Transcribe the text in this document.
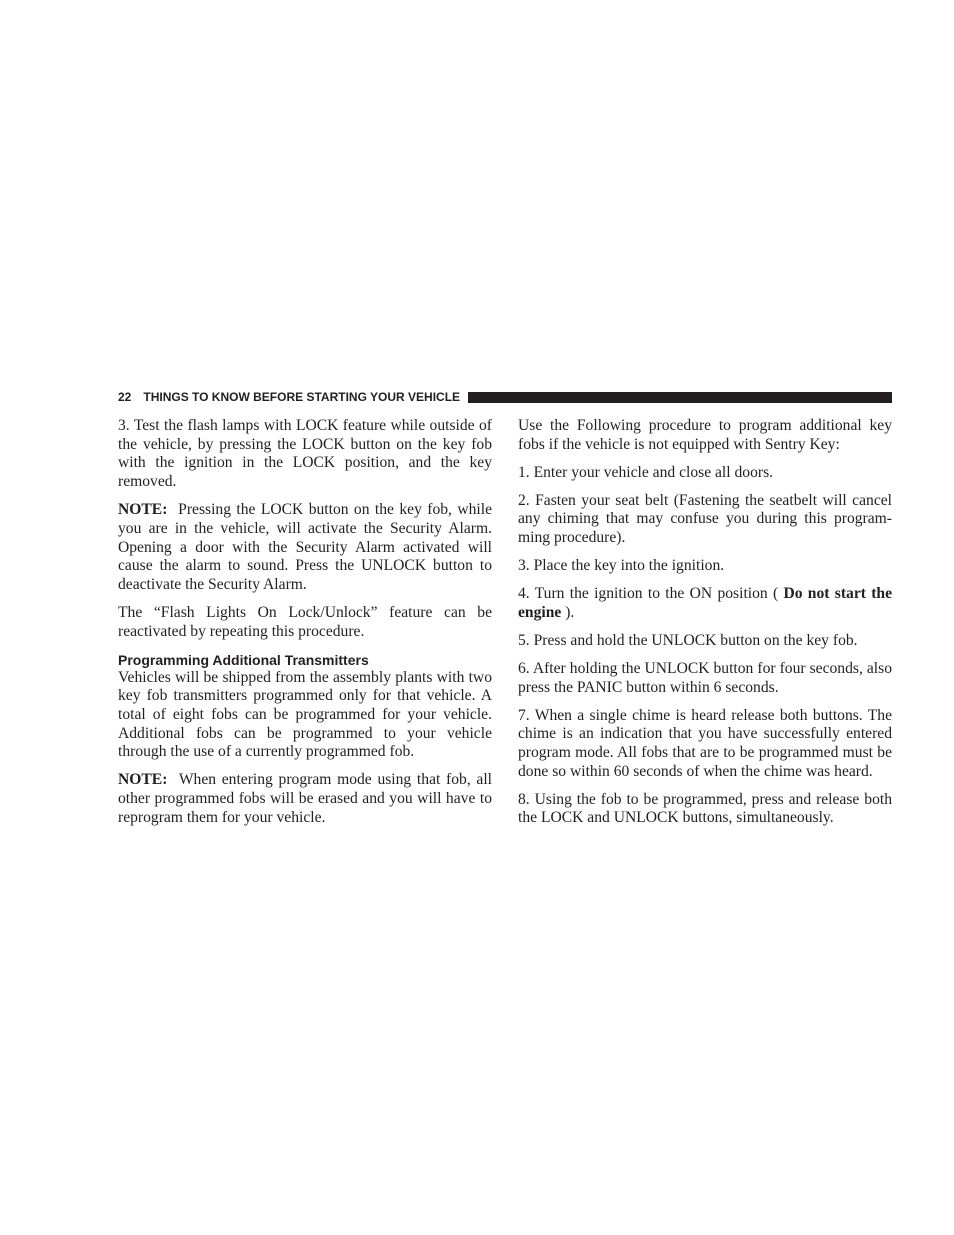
22 THINGS TO KNOW BEFORE STARTING YOUR VEHICLE

3. Test the flash lamps with LOCK feature while outside of the vehicle, by pressing the LOCK button on the key fob with the ignition in the LOCK position, and the key removed.

NOTE: Pressing the LOCK button on the key fob, while you are in the vehicle, will activate the Security Alarm. Opening a door with the Security Alarm activated will cause the alarm to sound. Press the UNLOCK button to deactivate the Security Alarm.

The “Flash Lights On Lock/Unlock” feature can be reactivated by repeating this procedure.

Programming Additional Transmitters

Vehicles will be shipped from the assembly plants with two key fob transmitters programmed only for that vehicle. A total of eight fobs can be programmed for your vehicle. Additional fobs can be programmed to your vehicle through the use of a currently programmed fob.

NOTE: When entering program mode using that fob, all other programmed fobs will be erased and you will have to reprogram them for your vehicle.

Use the Following procedure to program additional key fobs if the vehicle is not equipped with Sentry Key:

1. Enter your vehicle and close all doors.

2. Fasten your seat belt (Fastening the seatbelt will cancel any chiming that may confuse you during this programming procedure).

3. Place the key into the ignition.

4. Turn the ignition to the ON position ( Do not start the engine ).

5. Press and hold the UNLOCK button on the key fob.

6. After holding the UNLOCK button for four seconds, also press the PANIC button within 6 seconds.

7. When a single chime is heard release both buttons. The chime is an indication that you have successfully entered program mode. All fobs that are to be programmed must be done so within 60 seconds of when the chime was heard.

8. Using the fob to be programmed, press and release both the LOCK and UNLOCK buttons, simultaneously.
